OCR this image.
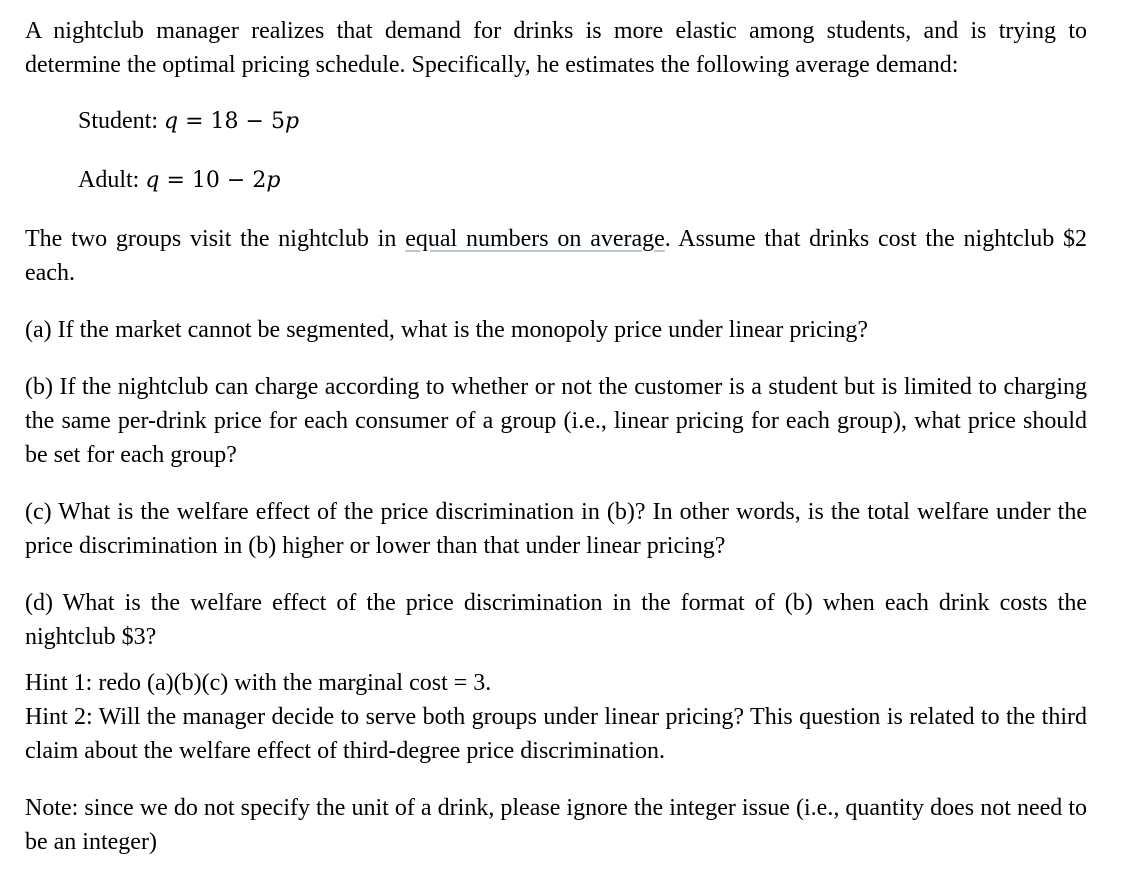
A nightclub manager realizes that demand for drinks is more elastic among students, and is trying to determine the optimal pricing schedule. Specifically, he estimates the following average demand:

Student: q = 18 − 5p

Adult: q = 10 − 2p

The two groups visit the nightclub in equal numbers on average. Assume that drinks cost the nightclub $2 each.

(a) If the market cannot be segmented, what is the monopoly price under linear pricing?

(b) If the nightclub can charge according to whether or not the customer is a student but is limited to charging the same per-drink price for each consumer of a group (i.e., linear pricing for each group), what price should be set for each group?

(c) What is the welfare effect of the price discrimination in (b)? In other words, is the total welfare under the price discrimination in (b) higher or lower than that under linear pricing?

(d) What is the welfare effect of the price discrimination in the format of (b) when each drink costs the nightclub $3?

Hint 1: redo (a)(b)(c) with the marginal cost = 3.

Hint 2: Will the manager decide to serve both groups under linear pricing? This question is related to the third claim about the welfare effect of third-degree price discrimination.

Note: since we do not specify the unit of a drink, please ignore the integer issue (i.e., quantity does not need to be an integer)
